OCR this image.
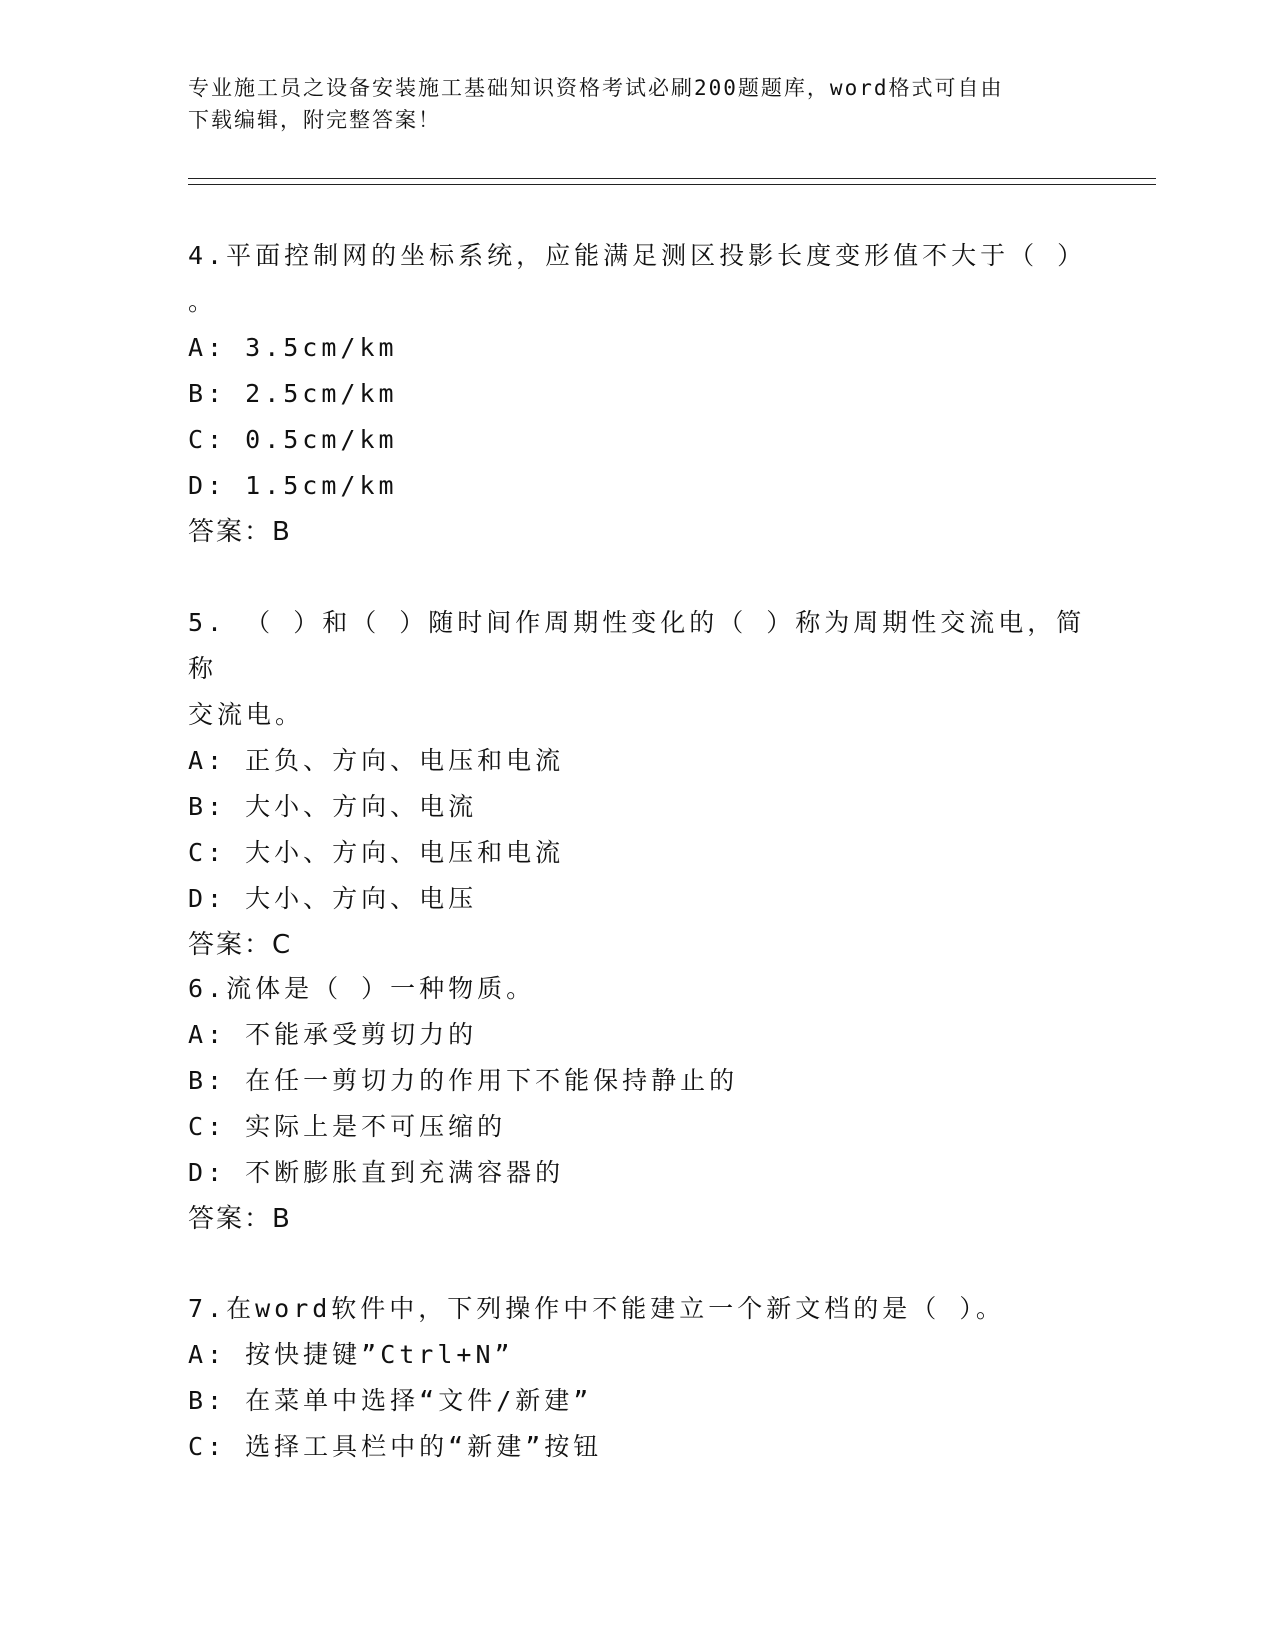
专业施工员之设备安装施工基础知识资格考试必刷200题题库，word格式可自由
下载编辑，附完整答案！

4.平面控制网的坐标系统，应能满足测区投影长度变形值不大于（ ）

。

A: 3.5cm/km

B: 2.5cm/km

C: 0.5cm/km

D: 1.5cm/km

答案：B

5. （ ）和（ ）随时间作周期性变化的（ ）称为周期性交流电，简称

交流电。

A: 正负、方向、电压和电流

B: 大小、方向、电流

C: 大小、方向、电压和电流

D: 大小、方向、电压

答案：C

6.流体是（ ）一种物质。

A: 不能承受剪切力的

B: 在任一剪切力的作用下不能保持静止的

C: 实际上是不可压缩的

D: 不断膨胀直到充满容器的

答案：B

7.在word软件中，下列操作中不能建立一个新文档的是（ ）。

A: 按快捷键”Ctrl+N”

B: 在菜单中选择“文件/新建”

C: 选择工具栏中的“新建”按钮
